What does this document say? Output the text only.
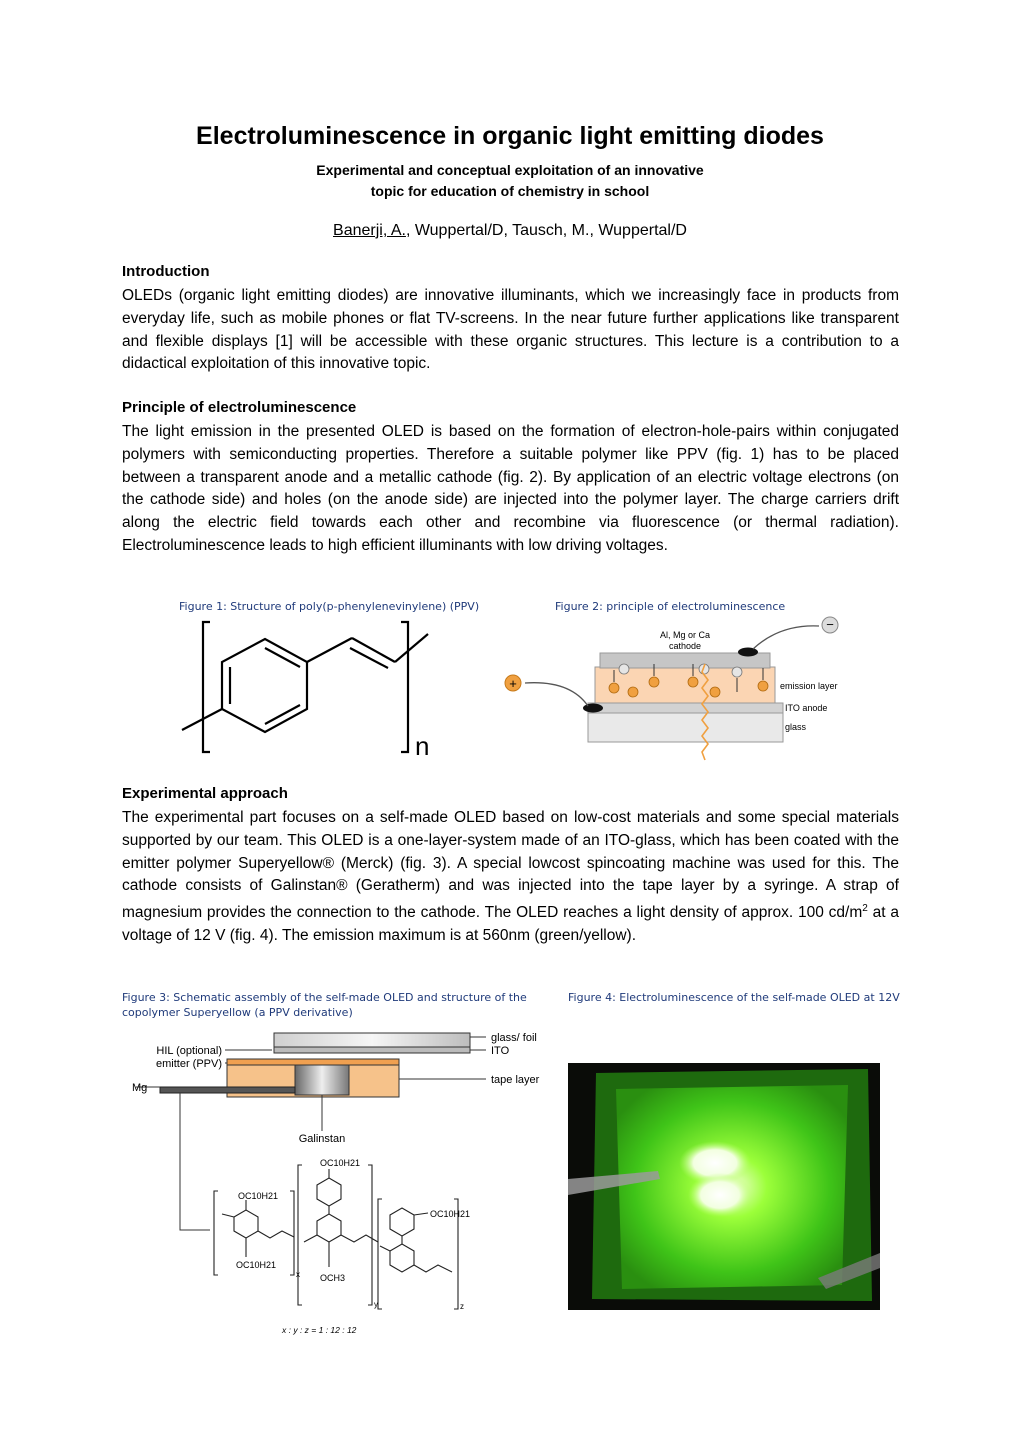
Electroluminescence in organic light emitting diodes
Experimental and conceptual exploitation of an innovative
topic for education of chemistry in school
Banerji, A., Wuppertal/D, Tausch, M., Wuppertal/D
Introduction
OLEDs (organic light emitting diodes) are innovative illuminants, which we increasingly face in products from everyday life, such as mobile phones or flat TV-screens. In the near future further applications like transparent and flexible displays [1] will be accessible with these organic structures. This lecture is a contribution to a didactical exploitation of this innovative topic.
Principle of electroluminescence
The light emission in the presented OLED is based on the formation of electron-hole-pairs within conjugated polymers with semiconducting properties. Therefore a suitable polymer like PPV (fig. 1) has to be placed between a transparent anode and a metallic cathode (fig. 2). By application of an electric voltage electrons (on the cathode side) and holes (on the anode side) are injected into the polymer layer. The charge carriers drift along the electric field towards each other and recombine via fluorescence (or thermal radiation). Electroluminescence leads to high efficient illuminants with low driving voltages.
Figure 1: Structure of poly(p-phenylenevinylene) (PPV)	Figure 2: principle of electroluminescence
n
+
−
Al, Mg or Ca
cathode
emission layer
ITO anode
glass
Experimental approach
The experimental part focuses on a self-made OLED based on low-cost materials and some special materials supported by our team. This OLED is a one-layer-system made of an ITO-glass, which has been coated with the emitter polymer Superyellow® (Merck) (fig. 3). A special lowcost spincoating machine was used for this. The cathode consists of Galinstan® (Geratherm) and was injected into the tape layer by a syringe. A strap of magnesium provides the connection to the cathode. The OLED reaches a light density of approx. 100 $cd/m^2$ at a voltage of 12 V (fig. 4). The emission maximum is at 560nm (green/yellow).
Figure 3: Schematic assembly of the self-made OLED and structure of the
copolymer Superyellow (a PPV derivative)
Figure 4: Electroluminescence of the self-made OLED at 12V
glass/ foil
ITO
tape layer
HIL (optional)
emitter (PPV)
Mg
Galinstan
OC10H21
OC10H21
OC10H21
OC10H21
OCH3
x
y	z
x : y : z = 1 : 12 : 12
